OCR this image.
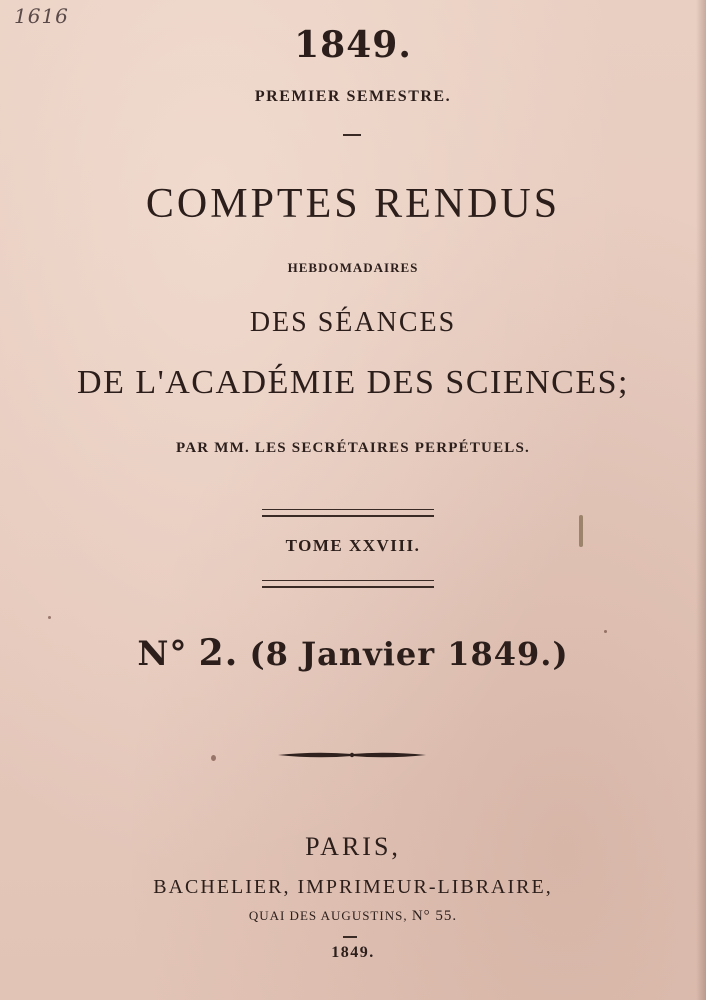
1616
1849.
PREMIER SEMESTRE.
COMPTES RENDUS
HEBDOMADAIRES
DES SÉANCES
DE L'ACADÉMIE DES SCIENCES;
PAR MM. LES SECRÉTAIRES PERPÉTUELS.
TOME XXVIII.
N° 2. (8 Janvier 1849.)
PARIS,
BACHELIER, IMPRIMEUR-LIBRAIRE,
QUAI DES AUGUSTINS, N° 55.
1849.
